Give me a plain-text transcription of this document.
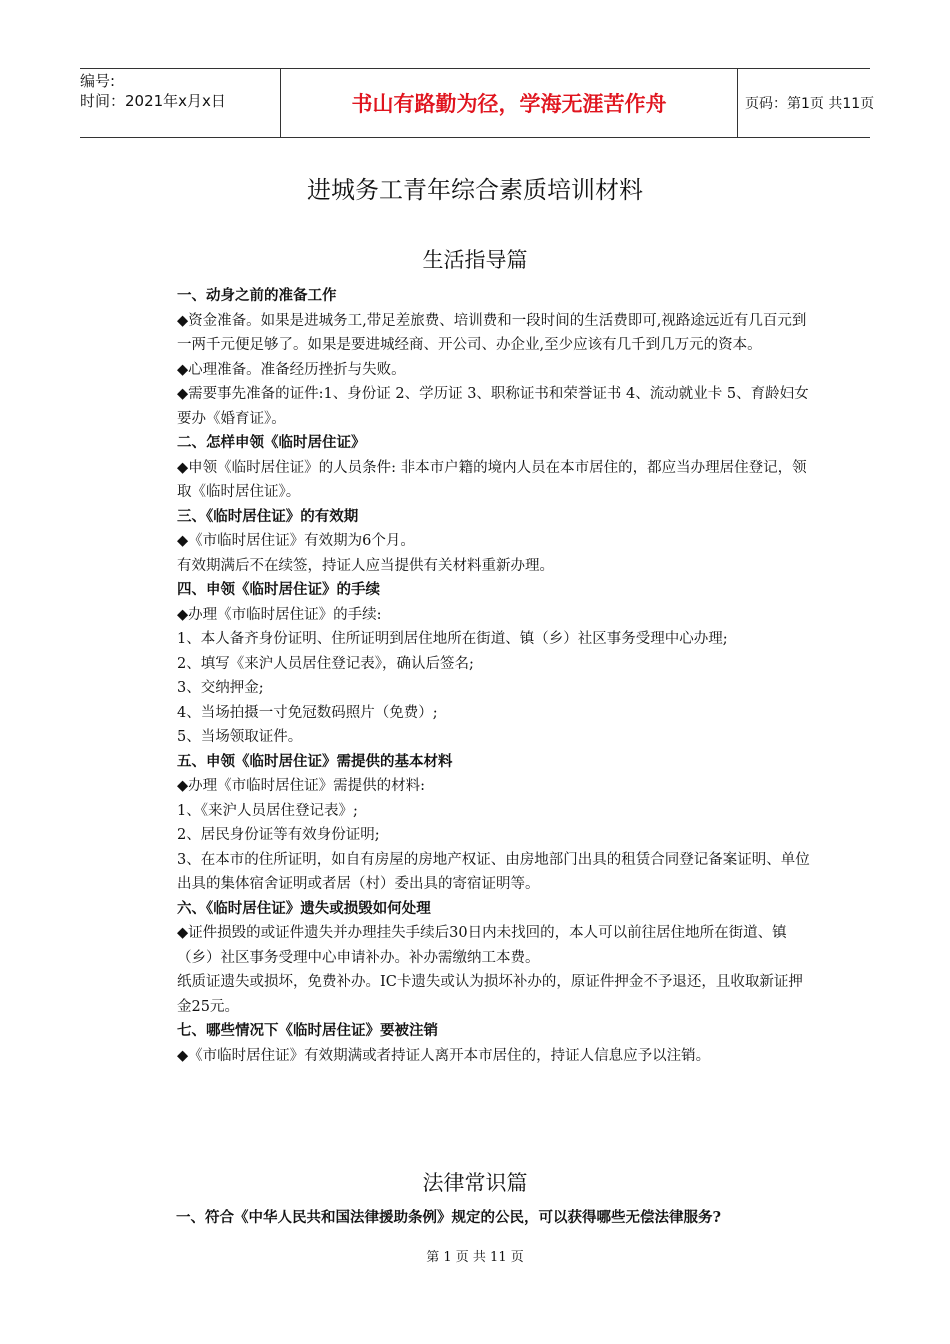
编号:
时间：2021年x月x日	书山有路勤为径，学海无涯苦作舟	页码：第1页 共11页
进城务工青年综合素质培训材料
生活指导篇

一、动身之前的准备工作

◆资金准备。如果是进城务工,带足差旅费、培训费和一段时间的生活费即可,视路途远近有几百元到一两千元便足够了。如果是要进城经商、开公司、办企业,至少应该有几千到几万元的资本。

◆心理准备。准备经历挫折与失败。

◆需要事先准备的证件:1、身份证 2、学历证 3、职称证书和荣誉证书 4、流动就业卡 5、育龄妇女要办《婚育证》。

二、怎样申领《临时居住证》

◆申领《临时居住证》的人员条件: 非本市户籍的境内人员在本市居住的，都应当办理居住登记，领取《临时居住证》。

三、《临时居住证》的有效期

◆《市临时居住证》有效期为6个月。

有效期满后不在续签，持证人应当提供有关材料重新办理。

四、申领《临时居住证》的手续

◆办理《市临时居住证》的手续:

1、本人备齐身份证明、住所证明到居住地所在街道、镇（乡）社区事务受理中心办理;

2、填写《来沪人员居住登记表》，确认后签名;

3、交纳押金;

4、当场拍摄一寸免冠数码照片（免费）;

5、当场领取证件。

五、申领《临时居住证》需提供的基本材料

◆办理《市临时居住证》需提供的材料:

1、《来沪人员居住登记表》;

2、居民身份证等有效身份证明;

3、在本市的住所证明，如自有房屋的房地产权证、由房地部门出具的租赁合同登记备案证明、单位出具的集体宿舍证明或者居（村）委出具的寄宿证明等。

六、《临时居住证》遗失或损毁如何处理

◆证件损毁的或证件遗失并办理挂失手续后30日内未找回的，本人可以前往居住地所在街道、镇（乡）社区事务受理中心申请补办。补办需缴纳工本费。

纸质证遗失或损坏，免费补办。IC卡遗失或认为损坏补办的，原证件押金不予退还，且收取新证押金25元。

七、哪些情况下《临时居住证》要被注销

◆《市临时居住证》有效期满或者持证人离开本市居住的，持证人信息应予以注销。

法律常识篇
一、符合《中华人民共和国法律援助条例》规定的公民，可以获得哪些无偿法律服务?
第 1 页 共 11 页
